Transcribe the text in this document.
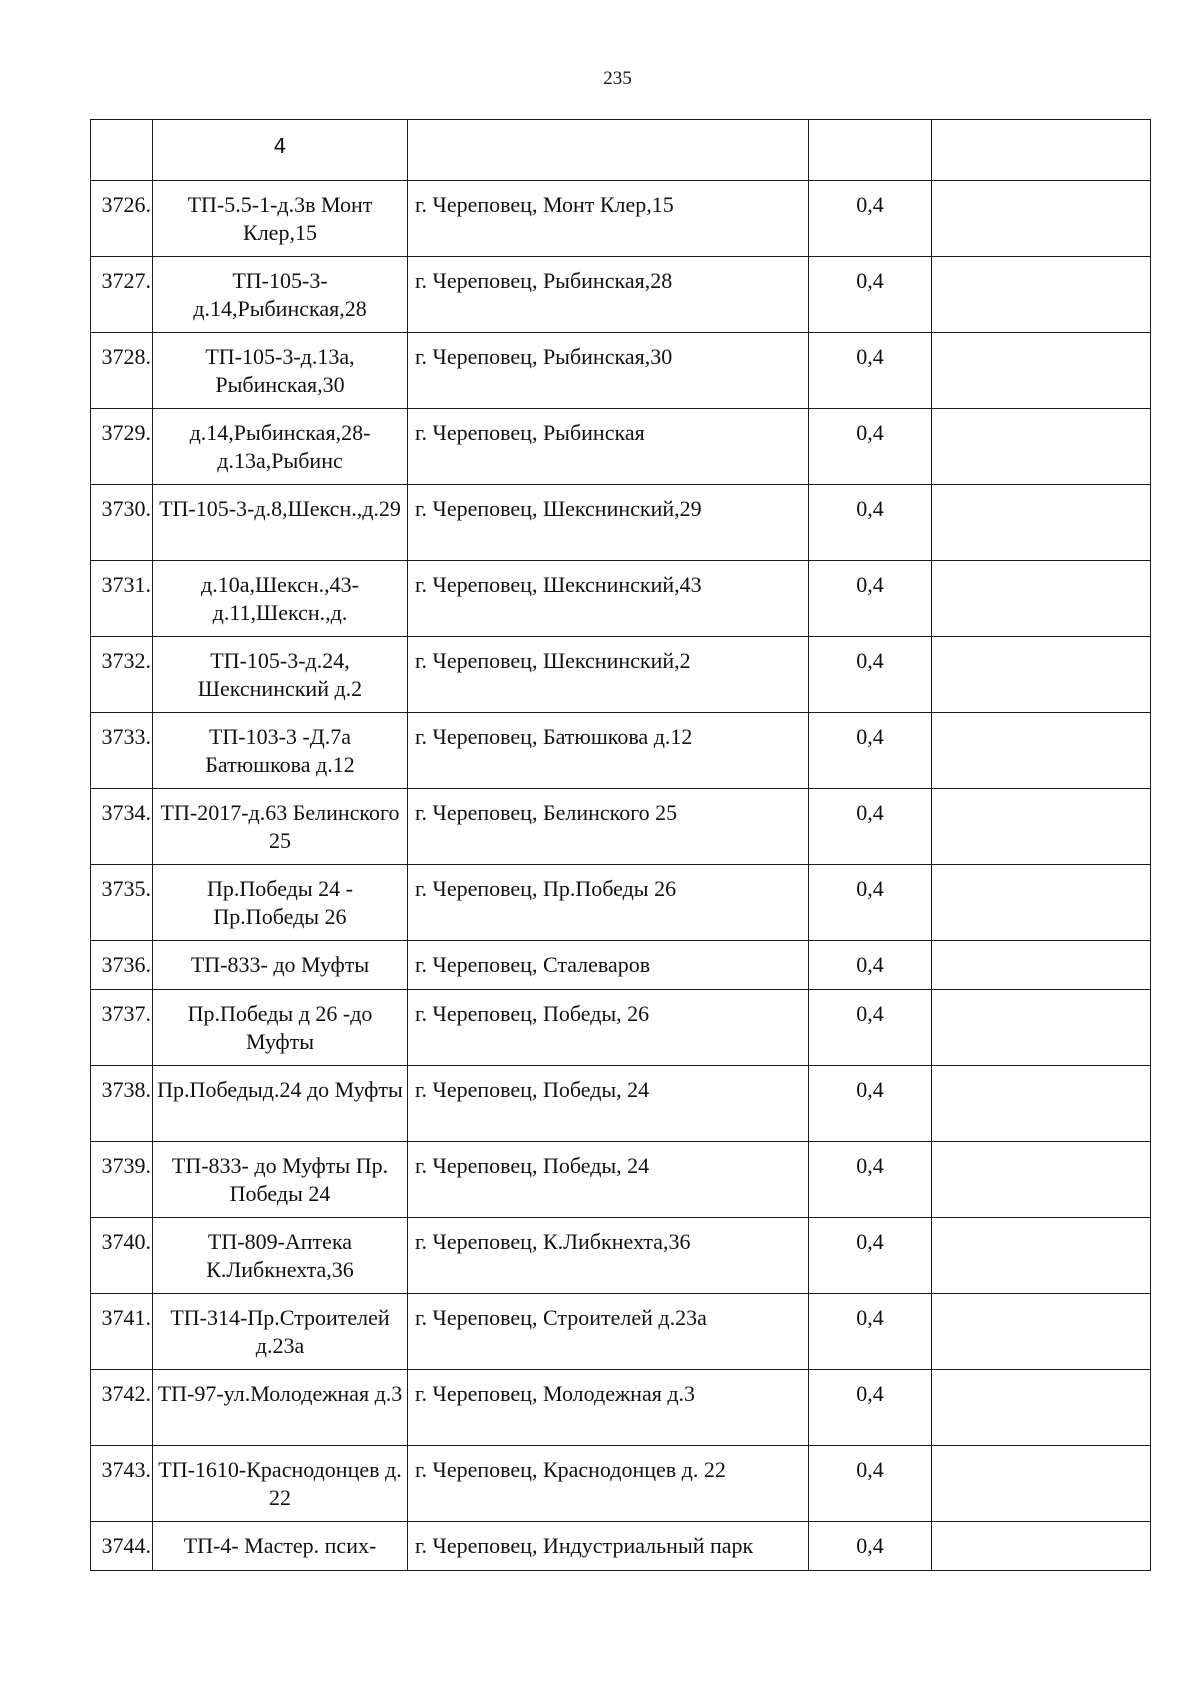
235
	4			
3726.	ТП-5.5-1-д.3в Монт Клер,15	г. Череповец, Монт Клер,15	0,4	
3727.	ТП-105-3-д.14,Рыбинская,28	г. Череповец, Рыбинская,28	0,4	
3728.	ТП-105-3-д.13а, Рыбинская,30	г. Череповец, Рыбинская,30	0,4	
3729.	д.14,Рыбинская,28-д.13а,Рыбинс	г. Череповец, Рыбинская	0,4	
3730.	ТП-105-3-д.8,Шексн.,д.29	г. Череповец, Шекснинский,29	0,4	
3731.	д.10а,Шексн.,43-д.11,Шексн.,д.	г. Череповец, Шекснинский,43	0,4	
3732.	ТП-105-3-д.24, Шекснинский д.2	г. Череповец, Шекснинский,2	0,4	
3733.	ТП-103-3 -Д.7а Батюшкова д.12	г. Череповец, Батюшкова д.12	0,4	
3734.	ТП-2017-д.63 Белинского 25	г. Череповец, Белинского 25	0,4	
3735.	Пр.Победы 24 - Пр.Победы 26	г. Череповец, Пр.Победы 26	0,4	
3736.	ТП-833- до Муфты	г. Череповец, Сталеваров	0,4	
3737.	Пр.Победы д 26 -до Муфты	г. Череповец, Победы, 26	0,4	
3738.	Пр.Победыд.24 до Муфты	г. Череповец, Победы, 24	0,4	
3739.	ТП-833- до Муфты Пр. Победы 24	г. Череповец, Победы, 24	0,4	
3740.	ТП-809-Аптека К.Либкнехта,36	г. Череповец, К.Либкнехта,36	0,4	
3741.	ТП-314-Пр.Строителей д.23а	г. Череповец, Строителей д.23а	0,4	
3742.	ТП-97-ул.Молодежная д.3	г. Череповец, Молодежная д.3	0,4	
3743.	ТП-1610-Краснодонцев д. 22	г. Череповец, Краснодонцев д. 22	0,4	
3744.	ТП-4- Мастер. псих-	г. Череповец, Индустриальный парк	0,4	
